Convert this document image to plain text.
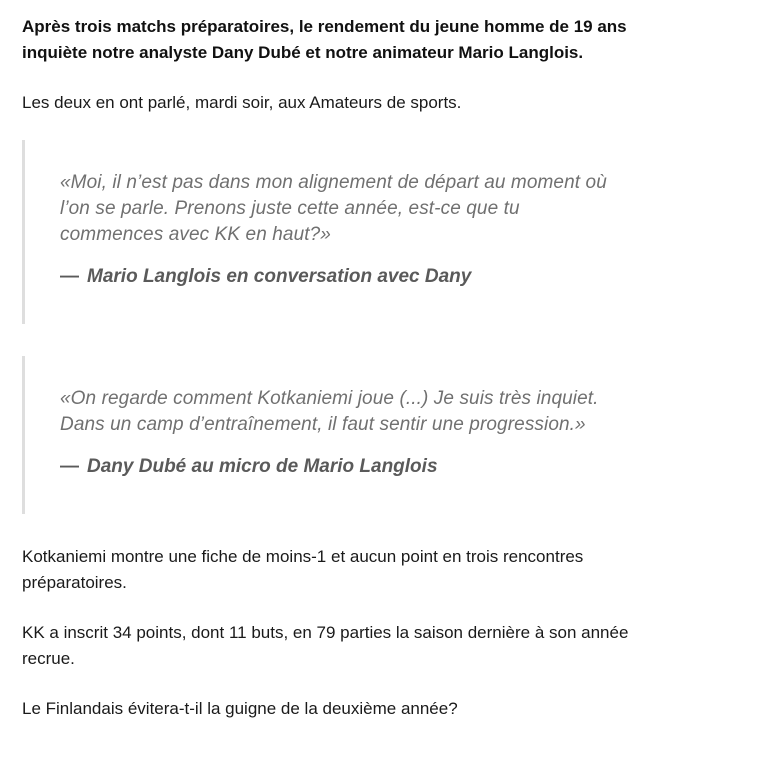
Après trois matchs préparatoires, le rendement du jeune homme de 19 ans
inquiète notre analyste Dany Dubé et notre animateur Mario Langlois.

Les deux en ont parlé, mardi soir, aux Amateurs de sports.

«Moi, il n’est pas dans mon alignement de départ au moment où
l’on se parle. Prenons juste cette année, est-ce que tu
commences avec KK en haut?»

— Mario Langlois en conversation avec Dany

«On regarde comment Kotkaniemi joue (...) Je suis très inquiet.
Dans un camp d’entraînement, il faut sentir une progression.»

— Dany Dubé au micro de Mario Langlois

Kotkaniemi montre une fiche de moins-1 et aucun point en trois rencontres
préparatoires.

KK a inscrit 34 points, dont 11 buts, en 79 parties la saison dernière à son année
recrue.

Le Finlandais évitera-t-il la guigne de la deuxième année?
